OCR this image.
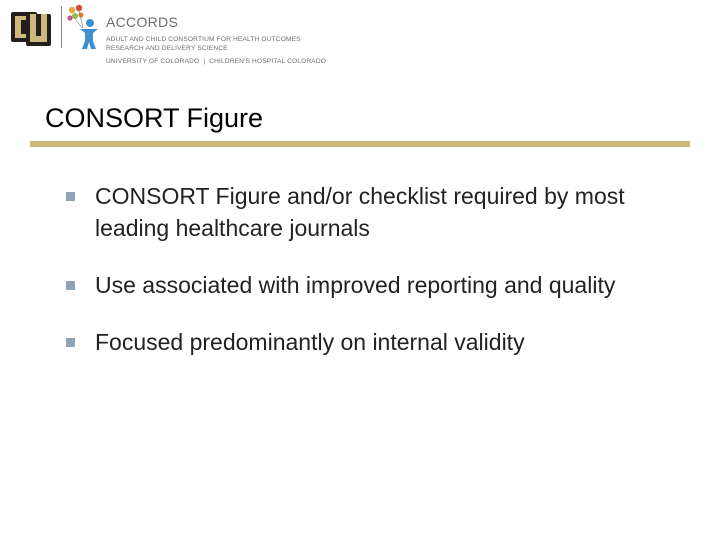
ACCORDS
ADULT AND CHILD CONSORTIUM FOR HEALTH OUTCOMES
RESEARCH AND DELIVERY SCIENCE
UNIVERSITY OF COLORADO | CHILDREN'S HOSPITAL COLORADO
CONSORT Figure
CONSORT Figure and/or checklist required by most leading healthcare journals
Use associated with improved reporting and quality
Focused predominantly on internal validity
